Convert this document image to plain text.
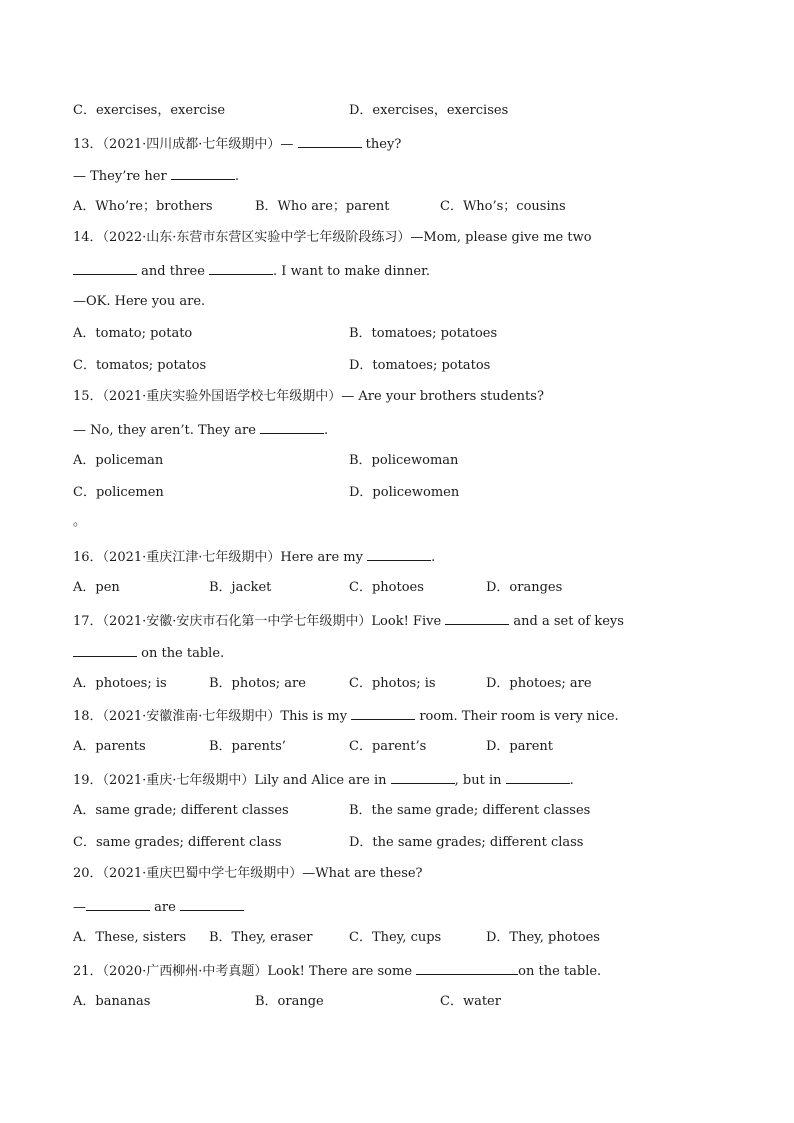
C．exercises，exercise	D．exercises，exercises
13．（2021·四川成都·七年级期中）—	they?
— They’re her	.
A．Who’re；brothers	B．Who are；parent	C．Who’s；cousins
14．（2022·山东·东营市东营区实验中学七年级阶段练习）—Mom, please give me two
and three	. I want to make dinner.
—OK. Here you are.
A．tomato; potato	B．tomatoes; potatoes
C．tomatos; potatos	D．tomatoes; potatos
15．（2021·重庆实验外国语学校七年级期中）— Are your brothers students?
— No, they aren’t. They are	.
A．policeman	B．policewoman
C．policemen	D．policewomen
。
16．（2021·重庆江津·七年级期中）Here are my	.
A．pen	B．jacket	C．photoes	D．oranges
17．（2021·安徽·安庆市石化第一中学七年级期中）Look! Five	and a set of keys
on the table.
A．photoes; is	B．photos; are	C．photos; is	D．photoes; are
18．（2021·安徽淮南·七年级期中）This is my	room. Their room is very nice.
A．parents	B．parents’	C．parent’s	D．parent
19．（2021·重庆·七年级期中）Lily and Alice are in	, but in	.
A．same grade; different classes	B．the same grade; different classes
C．same grades; different class	D．the same grades; different class
20．（2021·重庆巴蜀中学七年级期中）—What are these?
—	are
A．These, sisters B．They, eraser	C．They, cups	D．They, photoes
21．（2020·广西柳州·中考真题）Look! There are some	on the table.
A．bananas	B．orange	C．water
